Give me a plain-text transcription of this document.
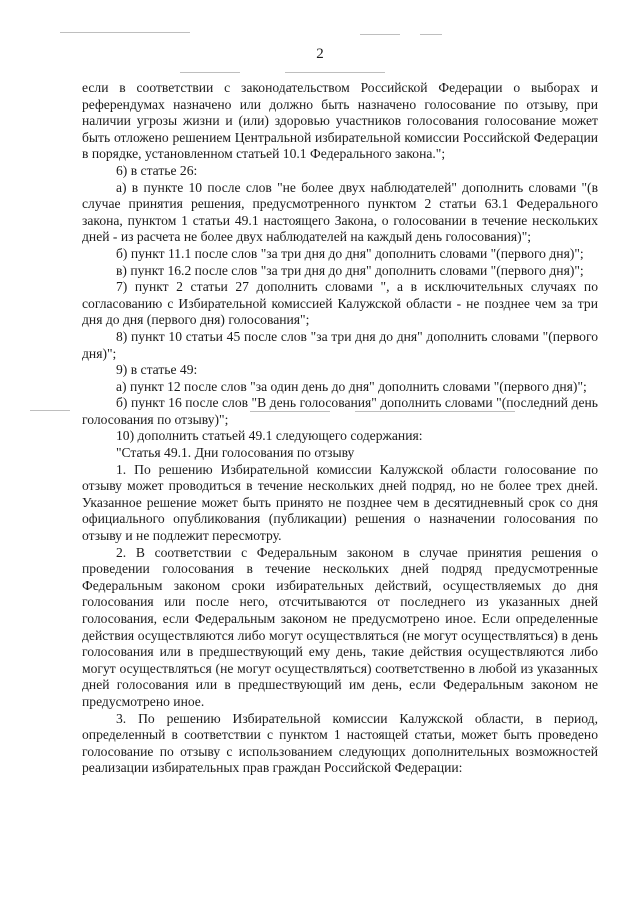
2

если в соответствии с законодательством Российской Федерации о выборах и референдумах назначено или должно быть назначено голосование по отзыву, при наличии угрозы жизни и (или) здоровью участников голосования голосование может быть отложено решением Центральной избирательной комиссии Российской Федерации в порядке, установленном статьей 10.1 Федерального закона.";

6) в статье 26:

а) в пункте 10 после слов "не более двух наблюдателей" дополнить словами "(в случае принятия решения, предусмотренного пунктом 2 статьи 63.1 Федерального закона, пунктом 1 статьи 49.1 настоящего Закона, о голосовании в течение нескольких дней - из расчета не более двух наблюдателей на каждый день голосования)";

б) пункт 11.1 после слов "за три дня до дня" дополнить словами "(первого дня)";

в) пункт 16.2 после слов "за три дня до дня" дополнить словами "(первого дня)";

7) пункт 2 статьи 27 дополнить словами ", а в исключительных случаях по согласованию с Избирательной комиссией Калужской области - не позднее чем за три дня до дня (первого дня) голосования";

8) пункт 10 статьи 45 после слов "за три дня до дня" дополнить словами "(первого дня)";

9) в статье 49:

а) пункт 12 после слов "за один день до дня" дополнить словами "(первого дня)";

б) пункт 16 после слов "В день голосования" дополнить словами "(последний день голосования по отзыву)";

10) дополнить статьей 49.1 следующего содержания:

"Статья 49.1. Дни голосования по отзыву

1. По решению Избирательной комиссии Калужской области голосование по отзыву может проводиться в течение нескольких дней подряд, но не более трех дней. Указанное решение может быть принято не позднее чем в десятидневный срок со дня официального опубликования (публикации) решения о назначении голосования по отзыву и не подлежит пересмотру.

2. В соответствии с Федеральным законом в случае принятия решения о проведении голосования в течение нескольких дней подряд предусмотренные Федеральным законом сроки избирательных действий, осуществляемых до дня голосования или после него, отсчитываются от последнего из указанных дней голосования, если Федеральным законом не предусмотрено иное. Если определенные действия осуществляются либо могут осуществляться (не могут осуществляться) в день голосования или в предшествующий ему день, такие действия осуществляются либо могут осуществляться (не могут осуществляться) соответственно в любой из указанных дней голосования или в предшествующий им день, если Федеральным законом не предусмотрено иное.

3. По решению Избирательной комиссии Калужской области, в период, определенный в соответствии с пунктом 1 настоящей статьи, может быть проведено голосование по отзыву с использованием следующих дополнительных возможностей реализации избирательных прав граждан Российской Федерации:
